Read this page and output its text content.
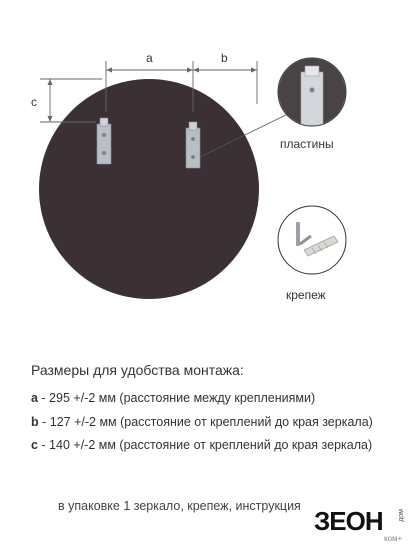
a	b
c
пластины
крепеж
Размеры для удобства монтажа:
a - 295 +/-2 мм (расстояние между креплениями)
b - 127 +/-2 мм (расстояние от креплений до края зеркала)
c - 140 +/-2 мм (расстояние от креплений до края зеркала)
в упаковке 1 зеркало, крепеж, инструкция ЗЕОН дом
ком+
